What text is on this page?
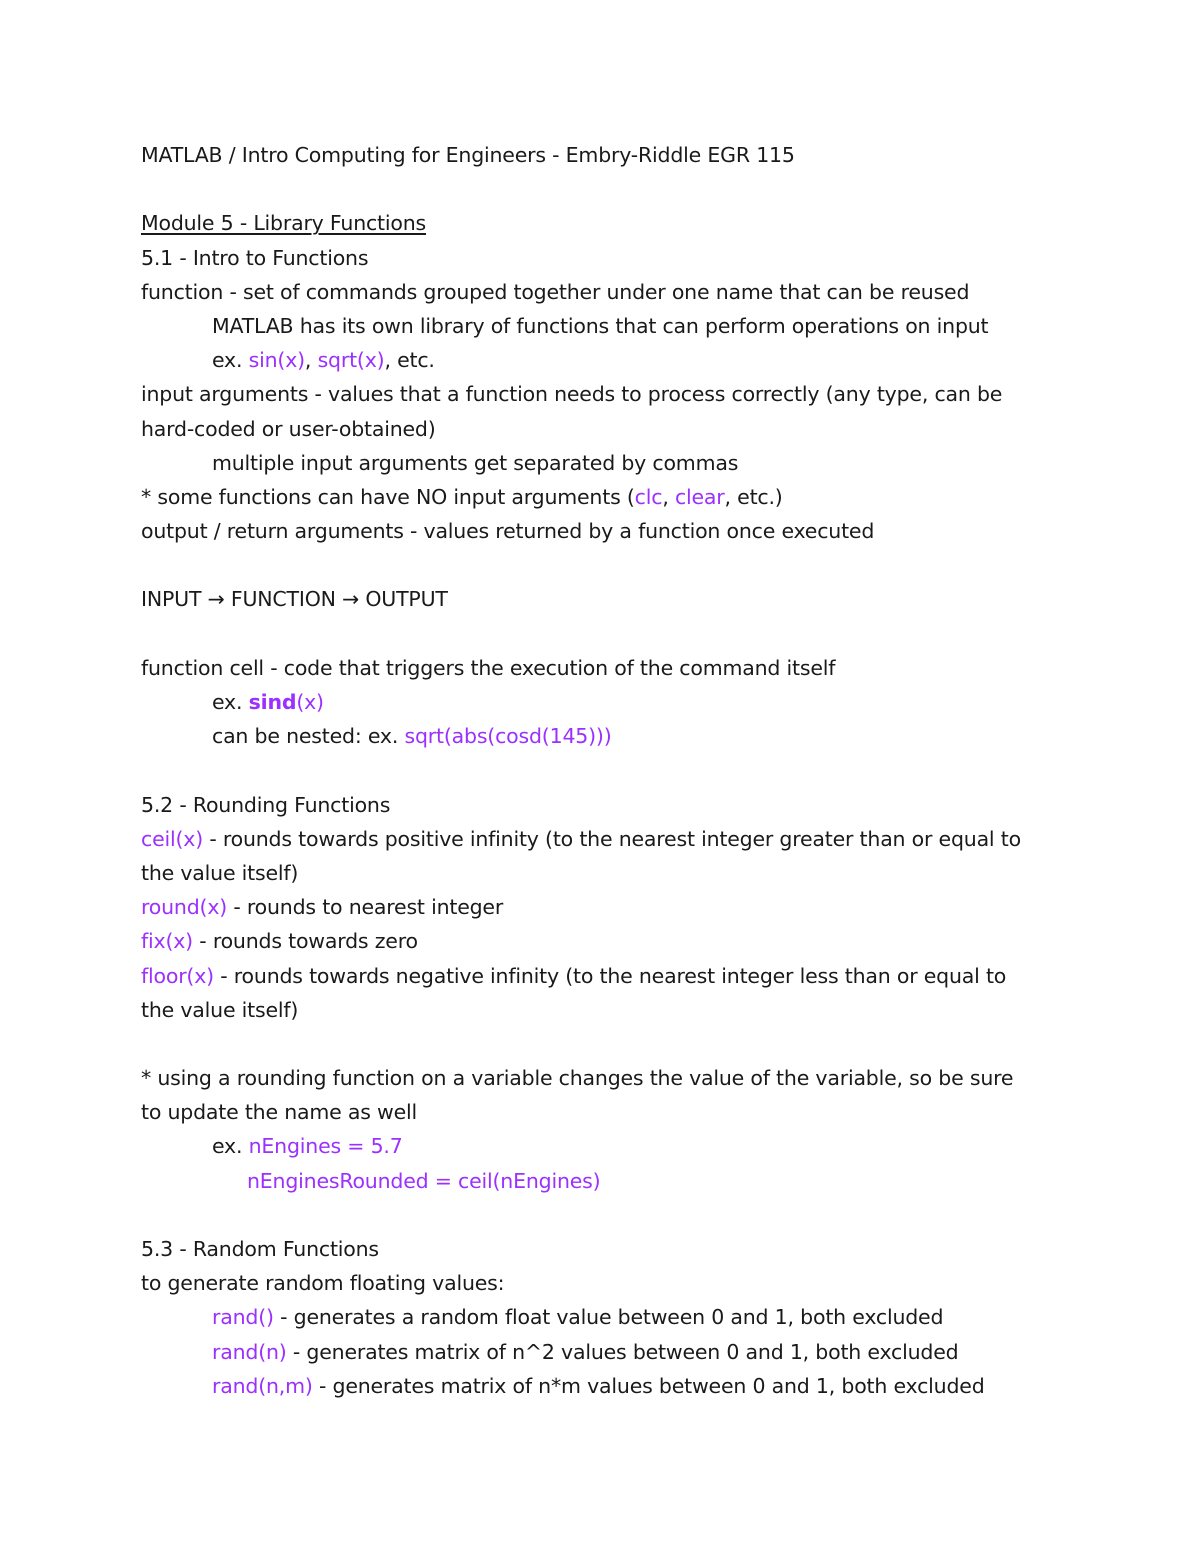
MATLAB / Intro Computing for Engineers - Embry-Riddle EGR 115
Module 5 - Library Functions
5.1 - Intro to Functions
function - set of commands grouped together under one name that can be reused
MATLAB has its own library of functions that can perform operations on input
ex. sin(x), sqrt(x), etc.
input arguments - values that a function needs to process correctly (any type, can be
hard-coded or user-obtained)
multiple input arguments get separated by commas
* some functions can have NO input arguments (clc, clear, etc.)
output / return arguments - values returned by a function once executed
INPUT → FUNCTION → OUTPUT
function cell - code that triggers the execution of the command itself
ex. sind(x)
can be nested: ex. sqrt(abs(cosd(145)))
5.2 - Rounding Functions
ceil(x) - rounds towards positive infinity (to the nearest integer greater than or equal to
the value itself)
round(x) - rounds to nearest integer
fix(x) - rounds towards zero
floor(x) - rounds towards negative infinity (to the nearest integer less than or equal to
the value itself)
* using a rounding function on a variable changes the value of the variable, so be sure
to update the name as well
ex. nEngines = 5.7
nEnginesRounded = ceil(nEngines)
5.3 - Random Functions
to generate random floating values:
rand() - generates a random float value between 0 and 1, both excluded
rand(n) - generates matrix of n^2 values between 0 and 1, both excluded
rand(n,m) - generates matrix of n*m values between 0 and 1, both excluded
